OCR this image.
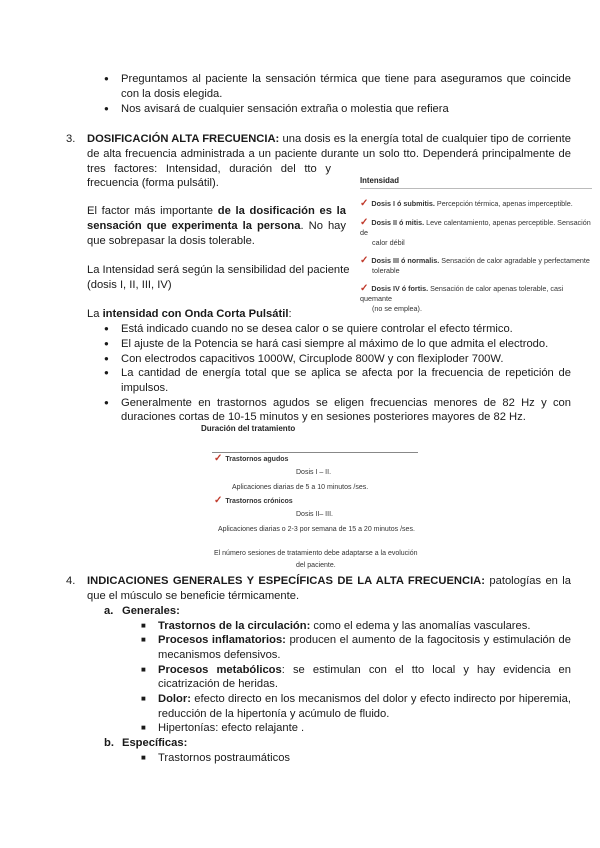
● Preguntamos al paciente la sensación térmica que tiene para aseguramos que coincide
con la dosis elegida.
● Nos avisará de cualquier sensación extraña o molestia que refiera
3. DOSIFICACIÓN ALTA FRECUENCIA: una dosis es la energía total de cualquier tipo de corriente
de alta frecuencia administrada a un paciente durante un solo tto. Dependerá principalmente de
tres factores: Intensidad, duración del tto y
frecuencia (forma pulsátil).
El factor más importante de la dosificación es la
sensación que experimenta la persona. No hay
que sobrepasar la dosis tolerable.
La Intensidad será según la sensibilidad del paciente
(dosis I, II, III, IV)
Intensidad
✓ Dosis I ó submitis. Percepción térmica, apenas imperceptible.
✓ Dosis II ó mitis. Leve calentamiento, apenas perceptible. Sensación de
calor débil
✓ Dosis III ó normalis. Sensación de calor agradable y perfectamente
tolerable
✓ Dosis IV ó fortis. Sensación de calor apenas tolerable, casi quemante
(no se emplea).
La intensidad con Onda Corta Pulsátil:
● Está indicado cuando no se desea calor o se quiere controlar el efecto térmico.
● El ajuste de la Potencia se hará casi siempre al máximo de lo que admita el electrodo.
● Con electrodos capacitivos 1000W, Circuplode 800W y con flexiploder 700W.
● La cantidad de energía total que se aplica se afecta por la frecuencia de repetición de
impulsos.
● Generalmente en trastornos agudos se eligen frecuencias menores de 82 Hz y con
duraciones cortas de 10-15 minutos y en sesiones posteriores mayores de 82 Hz.
Duración del tratamiento
✓ Trastornos agudos
Dosis I – II.
Aplicaciones diarias de 5 a 10 minutos /ses.
✓ Trastornos crónicos
Dosis II– III.
Aplicaciones diarias o 2-3 por semana de 15 a 20 minutos /ses.
El número sesiones de tratamiento debe adaptarse a la evolución
del paciente.
4. INDICACIONES GENERALES Y ESPECÍFICAS DE LA ALTA FRECUENCIA: patologías en la
que el músculo se beneficie térmicamente.
a. Generales:
■ Trastornos de la circulación: como el edema y las anomalías vasculares.
■ Procesos inflamatorios: producen el aumento de la fagocitosis y estimulación de
mecanismos defensivos.
■ Procesos metabólicos: se estimulan con el tto local y hay evidencia en
cicatrización de heridas.
■ Dolor: efecto directo en los mecanismos del dolor y efecto indirecto por hiperemia,
reducción de la hipertonía y acúmulo de fluido.
■ Hipertonías: efecto relajante .
b. Específicas:
■ Trastornos postraumáticos
